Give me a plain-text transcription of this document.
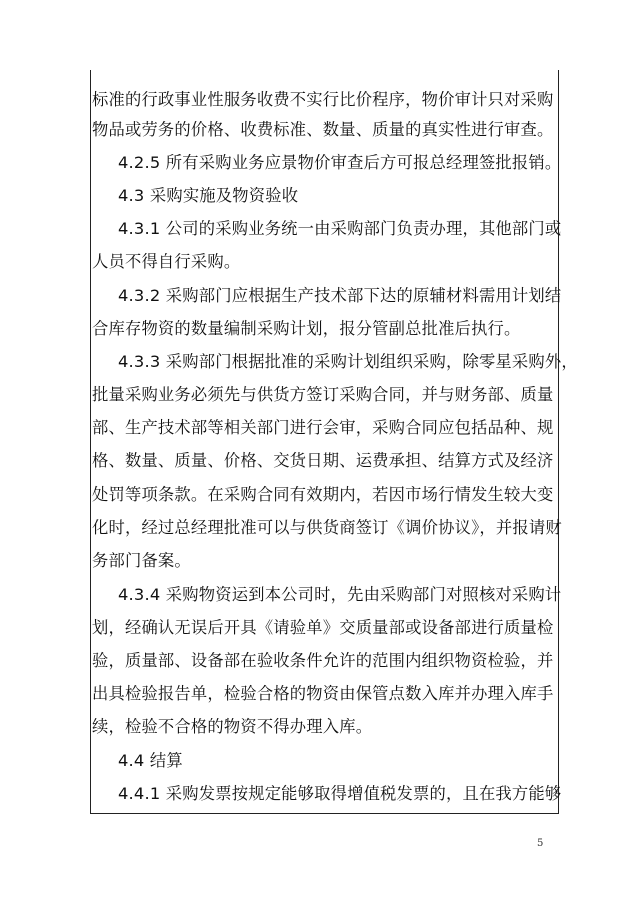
标准的行政事业性服务收费不实行比价程序，物价审计只对采购
物品或劳务的价格、收费标准、数量、质量的真实性进行审查。
4.2.5 所有采购业务应景物价审查后方可报总经理签批报销。
4.3 采购实施及物资验收
4.3.1 公司的采购业务统一由采购部门负责办理，其他部门或
人员不得自行采购。
4.3.2 采购部门应根据生产技术部下达的原辅材料需用计划结
合库存物资的数量编制采购计划，报分管副总批准后执行。
4.3.3 采购部门根据批准的采购计划组织采购，除零星采购外，
批量采购业务必须先与供货方签订采购合同，并与财务部、质量
部、生产技术部等相关部门进行会审，采购合同应包括品种、规
格、数量、质量、价格、交货日期、运费承担、结算方式及经济
处罚等项条款。在采购合同有效期内，若因市场行情发生较大变
化时，经过总经理批准可以与供货商签订《调价协议》，并报请财
务部门备案。
4.3.4 采购物资运到本公司时，先由采购部门对照核对采购计
划，经确认无误后开具《请验单》交质量部或设备部进行质量检
验，质量部、设备部在验收条件允许的范围内组织物资检验，并
出具检验报告单，检验合格的物资由保管点数入库并办理入库手
续，检验不合格的物资不得办理入库。
4.4 结算
4.4.1 采购发票按规定能够取得增值税发票的，且在我方能够
5
